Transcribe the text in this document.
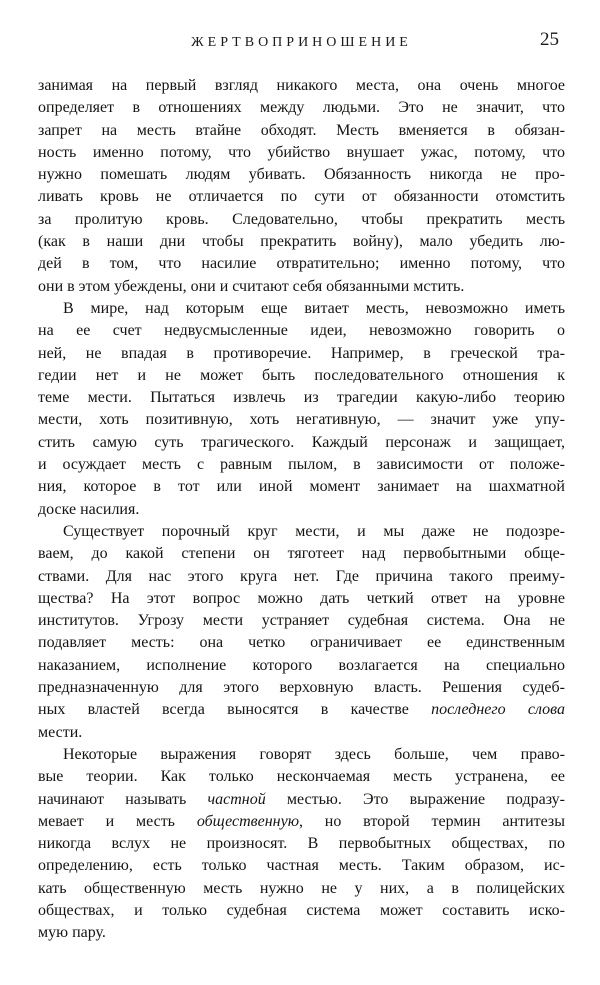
ЖЕРТВОПРИНОШЕНИЕ	25
занимая на первый взгляд никакого места, она очень многое
определяет в отношениях между людьми. Это не значит, что
запрет на месть втайне обходят. Месть вменяется в обязан-
ность именно потому, что убийство внушает ужас, потому, что
нужно помешать людям убивать. Обязанность никогда не про-
ливать кровь не отличается по сути от обязанности отомстить
за пролитую кровь. Следовательно, чтобы прекратить месть
(как в наши дни чтобы прекратить войну), мало убедить лю-
дей в том, что насилие отвратительно; именно потому, что
они в этом убеждены, они и считают себя обязанными мстить.
В мире, над которым еще витает месть, невозможно иметь
на ее счет недвусмысленные идеи, невозможно говорить о
ней, не впадая в противоречие. Например, в греческой тра-
гедии нет и не может быть последовательного отношения к
теме мести. Пытаться извлечь из трагедии какую-либо теорию
мести, хоть позитивную, хоть негативную, — значит уже упу-
стить самую суть трагического. Каждый персонаж и защищает,
и осуждает месть с равным пылом, в зависимости от положе-
ния, которое в тот или иной момент занимает на шахматной
доске насилия.
Существует порочный круг мести, и мы даже не подозре-
ваем, до какой степени он тяготеет над первобытными обще-
ствами. Для нас этого круга нет. Где причина такого преиму-
щества? На этот вопрос можно дать четкий ответ на уровне
институтов. Угрозу мести устраняет судебная система. Она не
подавляет месть: она четко ограничивает ее единственным
наказанием, исполнение которого возлагается на специально
предназначенную для этого верховную власть. Решения судеб-
ных властей всегда выносятся в качестве последнего слова
мести.
Некоторые выражения говорят здесь больше, чем право-
вые теории. Как только нескончаемая месть устранена, ее
начинают называть частной местью. Это выражение подразу-
мевает и месть общественную, но второй термин антитезы
никогда вслух не произносят. В первобытных обществах, по
определению, есть только частная месть. Таким образом, ис-
кать общественную месть нужно не у них, а в полицейских
обществах, и только судебная система может составить иско-
мую пару.
